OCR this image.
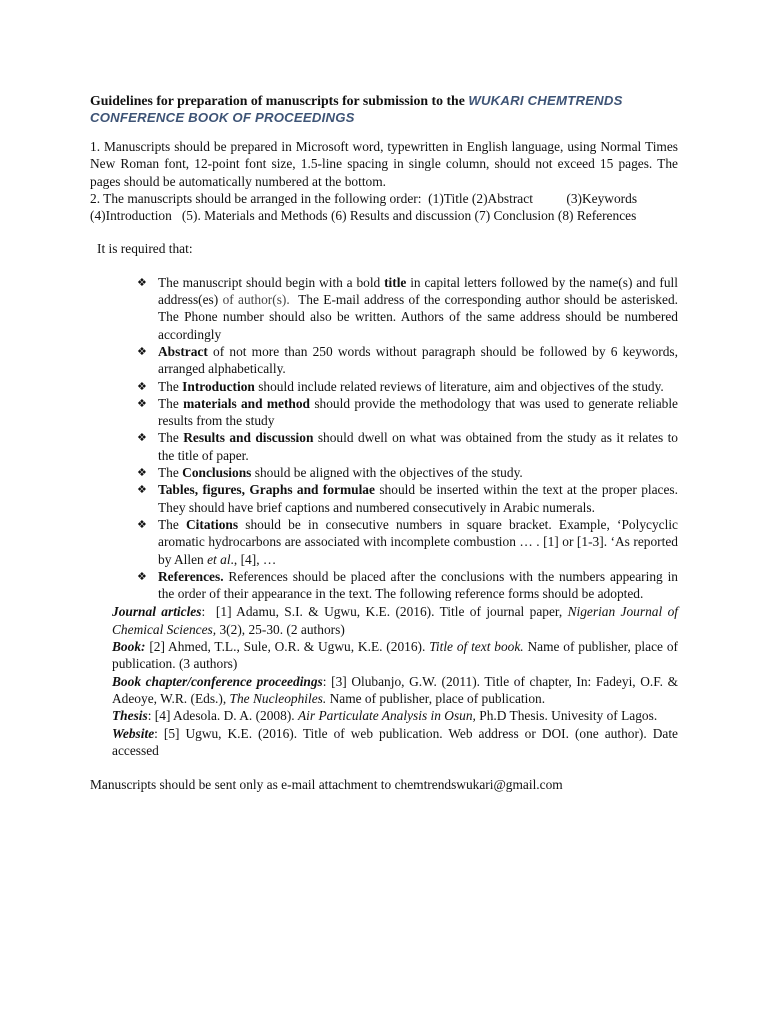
Guidelines for preparation of manuscripts for submission to the WUKARI CHEMTRENDS
CONFERENCE BOOK OF PROCEEDINGS

1. Manuscripts should be prepared in Microsoft word, typewritten in English language, using Normal Times New Roman font, 12-point font size, 1.5-line spacing in single column, should not exceed 15 pages. The pages should be automatically numbered at the bottom.

2. The manuscripts should be arranged in the following order:  (1)Title (2)Abstract          (3)Keywords
(4)Introduction   (5). Materials and Methods (6) Results and discussion (7) Conclusion (8) References

It is required that:

❖ The manuscript should begin with a bold title in capital letters followed by the name(s) and full address(es) of author(s).  The E-mail address of the corresponding author should be asterisked. The Phone number should also be written. Authors of the same address should be numbered accordingly
❖ Abstract of not more than 250 words without paragraph should be followed by 6 keywords, arranged alphabetically.
❖ The Introduction should include related reviews of literature, aim and objectives of the study.
❖ The materials and method should provide the methodology that was used to generate reliable results from the study
❖ The Results and discussion should dwell on what was obtained from the study as it relates to the title of paper.
❖ The Conclusions should be aligned with the objectives of the study.
❖ Tables, figures, Graphs and formulae should be inserted within the text at the proper places. They should have brief captions and numbered consecutively in Arabic numerals.
❖ The Citations should be in consecutive numbers in square bracket. Example, ‘Polycyclic aromatic hydrocarbons are associated with incomplete combustion … . [1] or [1-3]. ‘As reported by Allen et al., [4], …
❖ References. References should be placed after the conclusions with the numbers appearing in the order of their appearance in the text. The following reference forms should be adopted.

Journal articles:  [1] Adamu, S.I. & Ugwu, K.E. (2016). Title of journal paper, Nigerian Journal of Chemical Sciences, 3(2), 25-30. (2 authors)

Book: [2] Ahmed, T.L., Sule, O.R. & Ugwu, K.E. (2016). Title of text book. Name of publisher, place of publication. (3 authors)

Book chapter/conference proceedings: [3] Olubanjo, G.W. (2011). Title of chapter, In: Fadeyi, O.F. & Adeoye, W.R. (Eds.), The Nucleophiles. Name of publisher, place of publication.

Thesis: [4] Adesola. D. A. (2008). Air Particulate Analysis in Osun, Ph.D Thesis. Univesity of Lagos.

Website: [5] Ugwu, K.E. (2016). Title of web publication. Web address or DOI. (one author). Date accessed

Manuscripts should be sent only as e-mail attachment to chemtrendswukari@gmail.com
